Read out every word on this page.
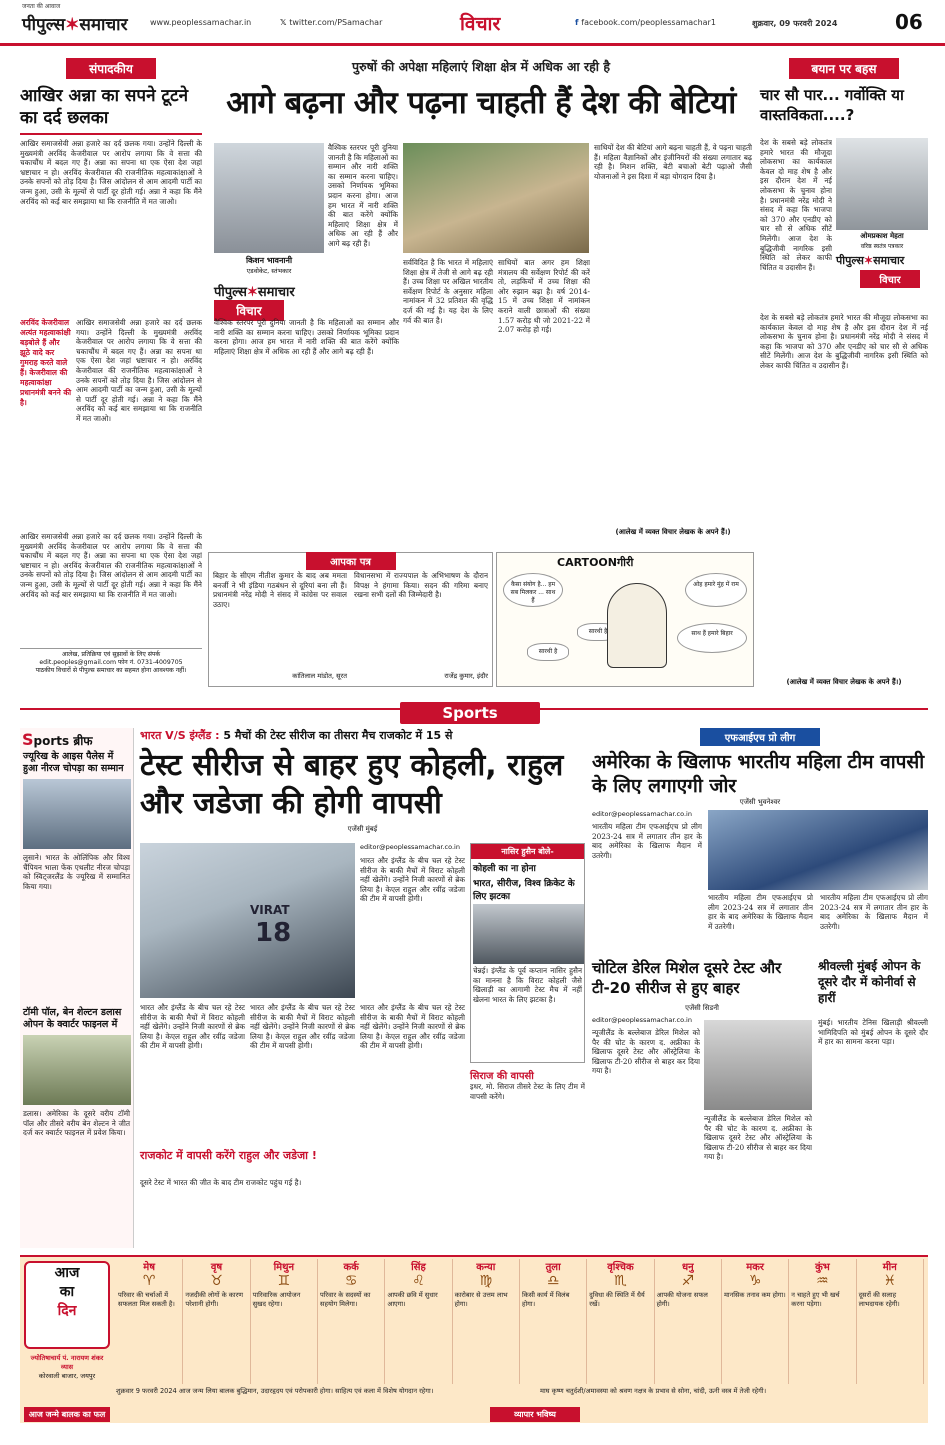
जनता की आवाज
पीपुल्स✶समाचार	www.peoplessamachar.in	𝕏 twitter.com/PSamachar	विचार	f facebook.com/peoplessamachar1	शुक्रवार, 09 फरवरी 2024	06
संपादकीय
आखिर अन्ना का सपने टूटने का दर्द छलका
आखिर समाजसेवी अन्ना हजारे का दर्द छलक गया। उन्होंने दिल्ली के मुख्यमंत्री अरविंद केजरीवाल पर आरोप लगाया कि वे सत्ता की चकाचौंध में बदल गए हैं। अन्ना का सपना था एक ऐसा देश जहां भ्रष्टाचार न हो। अरविंद केजरीवाल की राजनीतिक महत्वाकांक्षाओं ने उनके सपनों को तोड़ दिया है। जिस आंदोलन से आम आदमी पार्टी का जन्म हुआ, उसी के मूल्यों से पार्टी दूर होती गई। अन्ना ने कहा कि मैंने अरविंद को कई बार समझाया था कि राजनीति में मत जाओ।
अरविंद केजरीवाल अत्यंत महत्वाकांक्षी बड़बोले हैं और झूठे वादे कर गुमराह करते वाले हैं। केजरीवाल की महत्वाकांक्षा प्रधानमंत्री बनने की है।
आखिर समाजसेवी अन्ना हजारे का दर्द छलक गया। उन्होंने दिल्ली के मुख्यमंत्री अरविंद केजरीवाल पर आरोप लगाया कि वे सत्ता की चकाचौंध में बदल गए हैं। अन्ना का सपना था एक ऐसा देश जहां भ्रष्टाचार न हो। अरविंद केजरीवाल की राजनीतिक महत्वाकांक्षाओं ने उनके सपनों को तोड़ दिया है। जिस आंदोलन से आम आदमी पार्टी का जन्म हुआ, उसी के मूल्यों से पार्टी दूर होती गई। अन्ना ने कहा कि मैंने अरविंद को कई बार समझाया था कि राजनीति में मत जाओ।
आखिर समाजसेवी अन्ना हजारे का दर्द छलक गया। उन्होंने दिल्ली के मुख्यमंत्री अरविंद केजरीवाल पर आरोप लगाया कि वे सत्ता की चकाचौंध में बदल गए हैं। अन्ना का सपना था एक ऐसा देश जहां भ्रष्टाचार न हो। अरविंद केजरीवाल की राजनीतिक महत्वाकांक्षाओं ने उनके सपनों को तोड़ दिया है। जिस आंदोलन से आम आदमी पार्टी का जन्म हुआ, उसी के मूल्यों से पार्टी दूर होती गई। अन्ना ने कहा कि मैंने अरविंद को कई बार समझाया था कि राजनीति में मत जाओ।
आलेख, प्रतिक्रिया एवं सुझावों के लिए संपर्क
edit.peoples@gmail.com फोन नं. 0731-4009705
पाठकीय विचारों से पीपुल्स समाचार का सहमत होना आवश्यक नहीं।
पुरुषों की अपेक्षा महिलाएं शिक्षा क्षेत्र में अधिक आ रही है
आगे बढ़ना और पढ़ना चाहती हैं देश की बेटियां
किशन भावनानी
एडवोकेट, स्तंभकार
पीपुल्स✶समाचार
विचार
वैश्विक स्तरपर पूरी दुनिया जानती है कि महिलाओं का सम्मान और नारी शक्ति का सम्मान करना चाहिए। उसको निर्णायक भूमिका प्रदान करना होगा। आज हम भारत में नारी शक्ति की बात करेंगे क्योंकि महिलाएं शिक्षा क्षेत्र में अधिक आ रही हैं और आगे बढ़ रही हैं।
वैश्विक स्तरपर पूरी दुनिया जानती है कि महिलाओं का सम्मान और नारी शक्ति का सम्मान करना चाहिए। उसको निर्णायक भूमिका प्रदान करना होगा। आज हम भारत में नारी शक्ति की बात करेंगे क्योंकि महिलाएं शिक्षा क्षेत्र में अधिक आ रही हैं और आगे बढ़ रही हैं।
सर्वविदित है कि भारत में महिलाएं शिक्षा क्षेत्र में तेजी से आगे बढ़ रही हैं। उच्च शिक्षा पर अखिल भारतीय सर्वेक्षण रिपोर्ट के अनुसार महिला नामांकन में 32 प्रतिशत की वृद्धि दर्ज की गई है। यह देश के लिए गर्व की बात है।
साथियों बात अगर हम शिक्षा मंत्रालय की सर्वेक्षण रिपोर्ट की करें तो, लड़कियों में उच्च शिक्षा की ओर रुझान बढ़ा है। वर्ष 2014-15 में उच्च शिक्षा में नामांकन कराने वाली छात्राओं की संख्या 1.57 करोड़ थी जो 2021-22 में 2.07 करोड़ हो गई।
साथियों देश की बेटियां आगे बढ़ना चाहती हैं, वे पढ़ना चाहती हैं। महिला वैज्ञानिकों और इंजीनियरों की संख्या लगातार बढ़ रही है। मिशन शक्ति, बेटी बचाओ बेटी पढ़ाओ जैसी योजनाओं ने इस दिशा में बड़ा योगदान दिया है।
(आलेख में व्यक्त विचार लेखक के अपने हैं।)
आपका पत्र
बिहार के सीएम नीतीश कुमार के बाद अब ममता बनर्जी ने भी इंडिया गठबंधन से दूरियां बना ली हैं। प्रधानमंत्री नरेंद्र मोदी ने संसद में कांग्रेस पर सवाल उठाए।
कांतिलाल मांडोत, सूरत
विधानसभा में राज्यपाल के अभिभाषण के दौरान विपक्ष ने हंगामा किया। सदन की गरिमा बनाए रखना सभी दलों की जिम्मेदारी है।
राजेंद्र कुमार, इंदौर
CARTOONगीरी
कैसा संयोग है... हम सब मिलकर ... साथ हैं
ओह हमारे मुंह में राम
साथ हैं हमारे बिहार
सारथी है
सारथी है
बयान पर बहस
चार सौ पार... गर्वोक्ति या वास्तविकता....?
देश के सबसे बड़े लोकतंत्र हमारे भारत की मौजूदा लोकसभा का कार्यकाल केवल दो माह शेष है और इस दौरान देश में नई लोकसभा के चुनाव होना है। प्रधानमंत्री नरेंद्र मोदी ने संसद में कहा कि भाजपा को 370 और एनडीए को चार सौ से अधिक सीटें मिलेंगी। आज देश के बुद्धिजीवी नागरिक इसी स्थिति को लेकर काफी चिंतित व उदासीन हैं।
ओमप्रकाश मेहता
वरिष्ठ स्वतंत्र पत्रकार
पीपुल्स✶समाचार
विचार
देश के सबसे बड़े लोकतंत्र हमारे भारत की मौजूदा लोकसभा का कार्यकाल केवल दो माह शेष है और इस दौरान देश में नई लोकसभा के चुनाव होना है। प्रधानमंत्री नरेंद्र मोदी ने संसद में कहा कि भाजपा को 370 और एनडीए को चार सौ से अधिक सीटें मिलेंगी। आज देश के बुद्धिजीवी नागरिक इसी स्थिति को लेकर काफी चिंतित व उदासीन हैं।
(आलेख में व्यक्त विचार लेखक के अपने हैं।)
Sports
Sports ब्रीफ
ज्यूरिख के आइस पैलेस में हुआ नीरज चोपड़ा का सम्मान
लुसाने। भारत के ओलिंपिक और विश्व चैंपियन भाला फेंक एथलीट नीरज चोपड़ा को स्विट्जरलैंड के ज्यूरिख में सम्मानित किया गया।
टॉमी पॉल, बेन शेल्टन डलास ओपन के क्वार्टर फाइनल में
डलास। अमेरिका के दूसरे वरीय टॉमी पॉल और तीसरे वरीय बेन शेल्टन ने जीत दर्ज कर क्वार्टर फाइनल में प्रवेश किया।
भारत V/S इंग्लैंड : 5 मैचों की टेस्ट सीरीज का तीसरा मैच राजकोट में 15 से
टेस्ट सीरीज से बाहर हुए कोहली, राहुल और जडेजा की होगी वापसी
एजेंसी मुंबई
VIRAT
18
editor@peoplessamachar.co.in
भारत और इंग्लैंड के बीच चल रहे टेस्ट सीरीज के बाकी मैचों में विराट कोहली नहीं खेलेंगे। उन्होंने निजी कारणों से ब्रेक लिया है। केएल राहुल और रवींद्र जडेजा की टीम में वापसी होगी।
भारत और इंग्लैंड के बीच चल रहे टेस्ट सीरीज के बाकी मैचों में विराट कोहली नहीं खेलेंगे। उन्होंने निजी कारणों से ब्रेक लिया है। केएल राहुल और रवींद्र जडेजा की टीम में वापसी होगी।
भारत और इंग्लैंड के बीच चल रहे टेस्ट सीरीज के बाकी मैचों में विराट कोहली नहीं खेलेंगे। उन्होंने निजी कारणों से ब्रेक लिया है। केएल राहुल और रवींद्र जडेजा की टीम में वापसी होगी।
राजकोट में वापसी करेंगे राहुल और जडेजा !
दूसरे टेस्ट में भारत की जीत के बाद टीम राजकोट पहुंच गई है।
भारत और इंग्लैंड के बीच चल रहे टेस्ट सीरीज के बाकी मैचों में विराट कोहली नहीं खेलेंगे। उन्होंने निजी कारणों से ब्रेक लिया है। केएल राहुल और रवींद्र जडेजा की टीम में वापसी होगी।
नासिर हुसैन बोले-
कोहली का ना होना
भारत, सीरीज, विश्व क्रिकेट के लिए झटका
चेन्नई। इंग्लैंड के पूर्व कप्तान नासिर हुसैन का मानना है कि विराट कोहली जैसे खिलाड़ी का आगामी टेस्ट मैच में नहीं खेलना भारत के लिए झटका है।
सिराज की वापसी
इधर, मो. सिराज तीसरे टेस्ट के लिए टीम में वापसी करेंगे।
एफआईएच प्रो लीग
अमेरिका के खिलाफ भारतीय महिला टीम वापसी के लिए लगाएगी जोर
एजेंसी भुवनेश्वर
editor@peoplessamachar.co.in
भारतीय महिला टीम एफआईएच प्रो लीग 2023-24 सत्र में लगातार तीन हार के बाद अमेरिका के खिलाफ मैदान में उतरेगी।
भारतीय महिला टीम एफआईएच प्रो लीग 2023-24 सत्र में लगातार तीन हार के बाद अमेरिका के खिलाफ मैदान में उतरेगी।
भारतीय महिला टीम एफआईएच प्रो लीग 2023-24 सत्र में लगातार तीन हार के बाद अमेरिका के खिलाफ मैदान में उतरेगी।
चोटिल डेरिल मिशेल दूसरे टेस्ट और टी-20 सीरीज से हुए बाहर
एजेंसी सिडनी
editor@peoplessamachar.co.in
न्यूजीलैंड के बल्लेबाज डेरिल मिशेल को पैर की चोट के कारण द. अफ्रीका के खिलाफ दूसरे टेस्ट और ऑस्ट्रेलिया के खिलाफ टी-20 सीरीज से बाहर कर दिया गया है।
न्यूजीलैंड के बल्लेबाज डेरिल मिशेल को पैर की चोट के कारण द. अफ्रीका के खिलाफ दूसरे टेस्ट और ऑस्ट्रेलिया के खिलाफ टी-20 सीरीज से बाहर कर दिया गया है।
श्रीवल्ली मुंबई ओपन के दूसरे दौर में कोनीर्वा से हारीं
मुंबई। भारतीय टेनिस खिलाड़ी श्रीवल्ली भामिदिपति को मुंबई ओपन के दूसरे दौर में हार का सामना करना पड़ा।
आज
का
दिन
ज्योतिषाचार्य पं. नारायण शंकर व्यास
कोरवाली बाजार, जयपुर
मेष
♈
परिवार की चर्चाओं में सफलता मिल सकती है।
वृष
♉
नजदीकी लोगों के कारण परेशानी होगी।
मिथुन
♊
पारिवारिक आयोजन सुखद रहेगा।
कर्क
♋
परिवार के सदस्यों का सहयोग मिलेगा।
सिंह
♌
आपकी छवि में सुधार आएगा।
कन्या
♍
कारोबार से उत्तम लाभ होगा।
तुला
♎
किसी कार्य में विलंब होगा।
वृश्चिक
♏
दुविधा की स्थिति में धैर्य रखें।
धनु
♐
आपकी योजना सफल होगी।
मकर
♑
मानसिक तनाव कम होगा।
कुंभ
♒
न चाहते हुए भी खर्च करना पड़ेगा।
मीन
♓
दूसरों की सलाह लाभदायक रहेगी।
शुक्रवार 9 फरवरी 2024 आज जन्म लिया बालक बुद्धिमान, उदारहृदय एवं परोपकारी होगा। साहित्य एवं कला में विशेष योगदान रहेगा।	माघ कृष्ण चतुर्दशी/अमावस्या को श्रवण नक्षत्र के प्रभाव से सोना, चांदी, ऊनी वस्त्र में तेजी रहेगी।
आज जन्मे बालक का फल	व्यापार भविष्य
